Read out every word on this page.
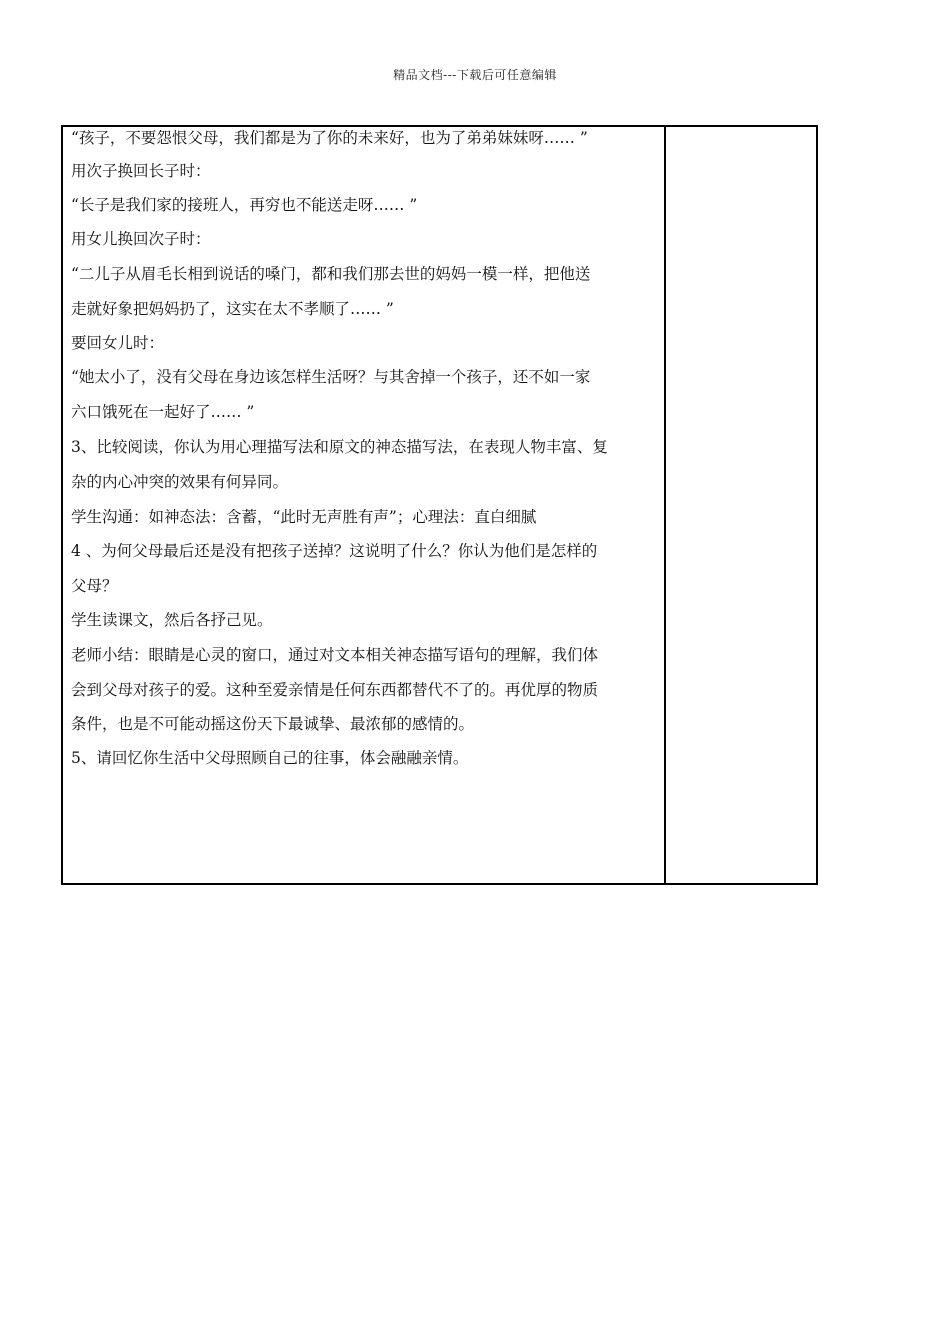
精品文档---下载后可任意编辑
“孩子，不要怨恨父母，我们都是为了你的未来好，也为了弟弟妹妹呀…… ”
用次子换回长子时：
“长子是我们家的接班人，再穷也不能送走呀…… ”
用女儿换回次子时：
“二儿子从眉毛长相到说话的嗓门，都和我们那去世的妈妈一模一样，把他送
走就好象把妈妈扔了，这实在太不孝顺了…… ”
要回女儿时：
“她太小了，没有父母在身边该怎样生活呀？与其舍掉一个孩子，还不如一家
六口饿死在一起好了…… ”
3、比较阅读，你认为用心理描写法和原文的神态描写法，在表现人物丰富、复
杂的内心冲突的效果有何异同。
学生沟通：如神态法：含蓄，“此时无声胜有声”；心理法：直白细腻
4 、为何父母最后还是没有把孩子送掉？这说明了什么？你认为他们是怎样的
父母？
学生读课文，然后各抒己见。
老师小结：眼睛是心灵的窗口，通过对文本相关神态描写语句的理解，我们体
会到父母对孩子的爱。这种至爱亲情是任何东西都替代不了的。再优厚的物质
条件，也是不可能动摇这份天下最诚挚、最浓郁的感情的。
5、请回忆你生活中父母照顾自己的往事，体会融融亲情。
